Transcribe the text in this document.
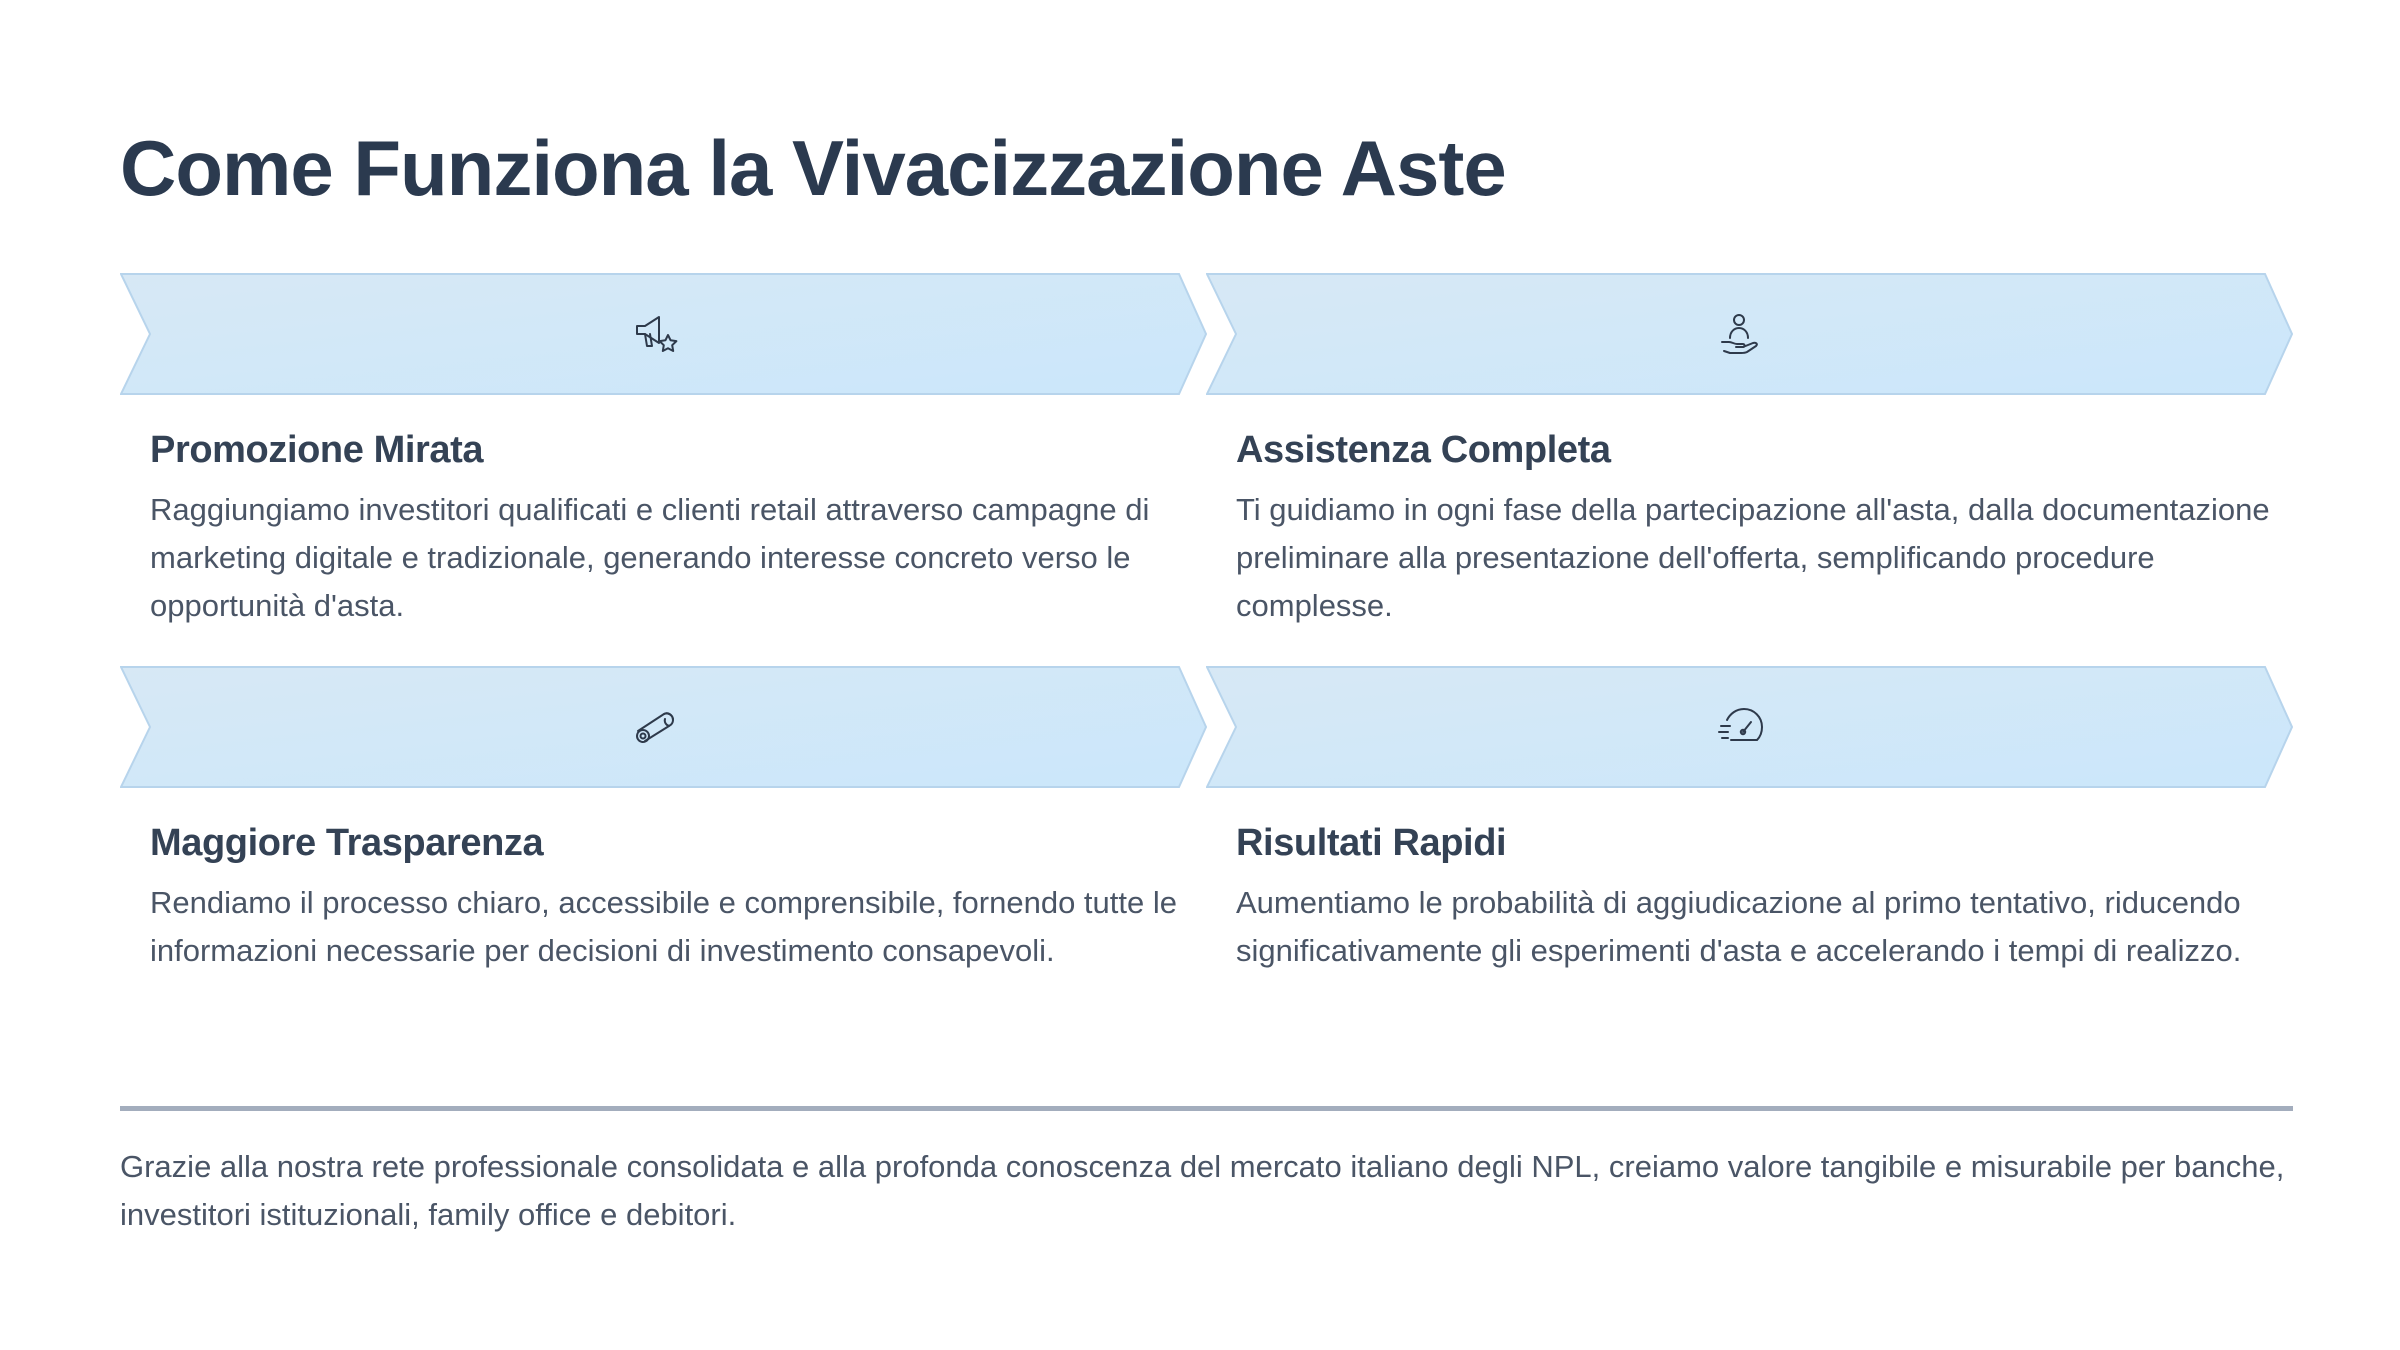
Come Funziona la Vivacizzazione Aste
Promozione Mirata

Raggiungiamo investitori qualificati e clienti retail attraverso campagne di marketing digitale e tradizionale, generando interesse concreto verso le opportunità d'asta.

Assistenza Completa

Ti guidiamo in ogni fase della partecipazione all'asta, dalla documentazione preliminare alla presentazione dell'offerta, semplificando procedure complesse.

Maggiore Trasparenza

Rendiamo il processo chiaro, accessibile e comprensibile, fornendo tutte le informazioni necessarie per decisioni di investimento consapevoli.

Risultati Rapidi

Aumentiamo le probabilità di aggiudicazione al primo tentativo, riducendo significativamente gli esperimenti d'asta e accelerando i tempi di realizzo.

Grazie alla nostra rete professionale consolidata e alla profonda conoscenza del mercato italiano degli NPL, creiamo valore tangibile e misurabile per banche, investitori istituzionali, family office e debitori.
